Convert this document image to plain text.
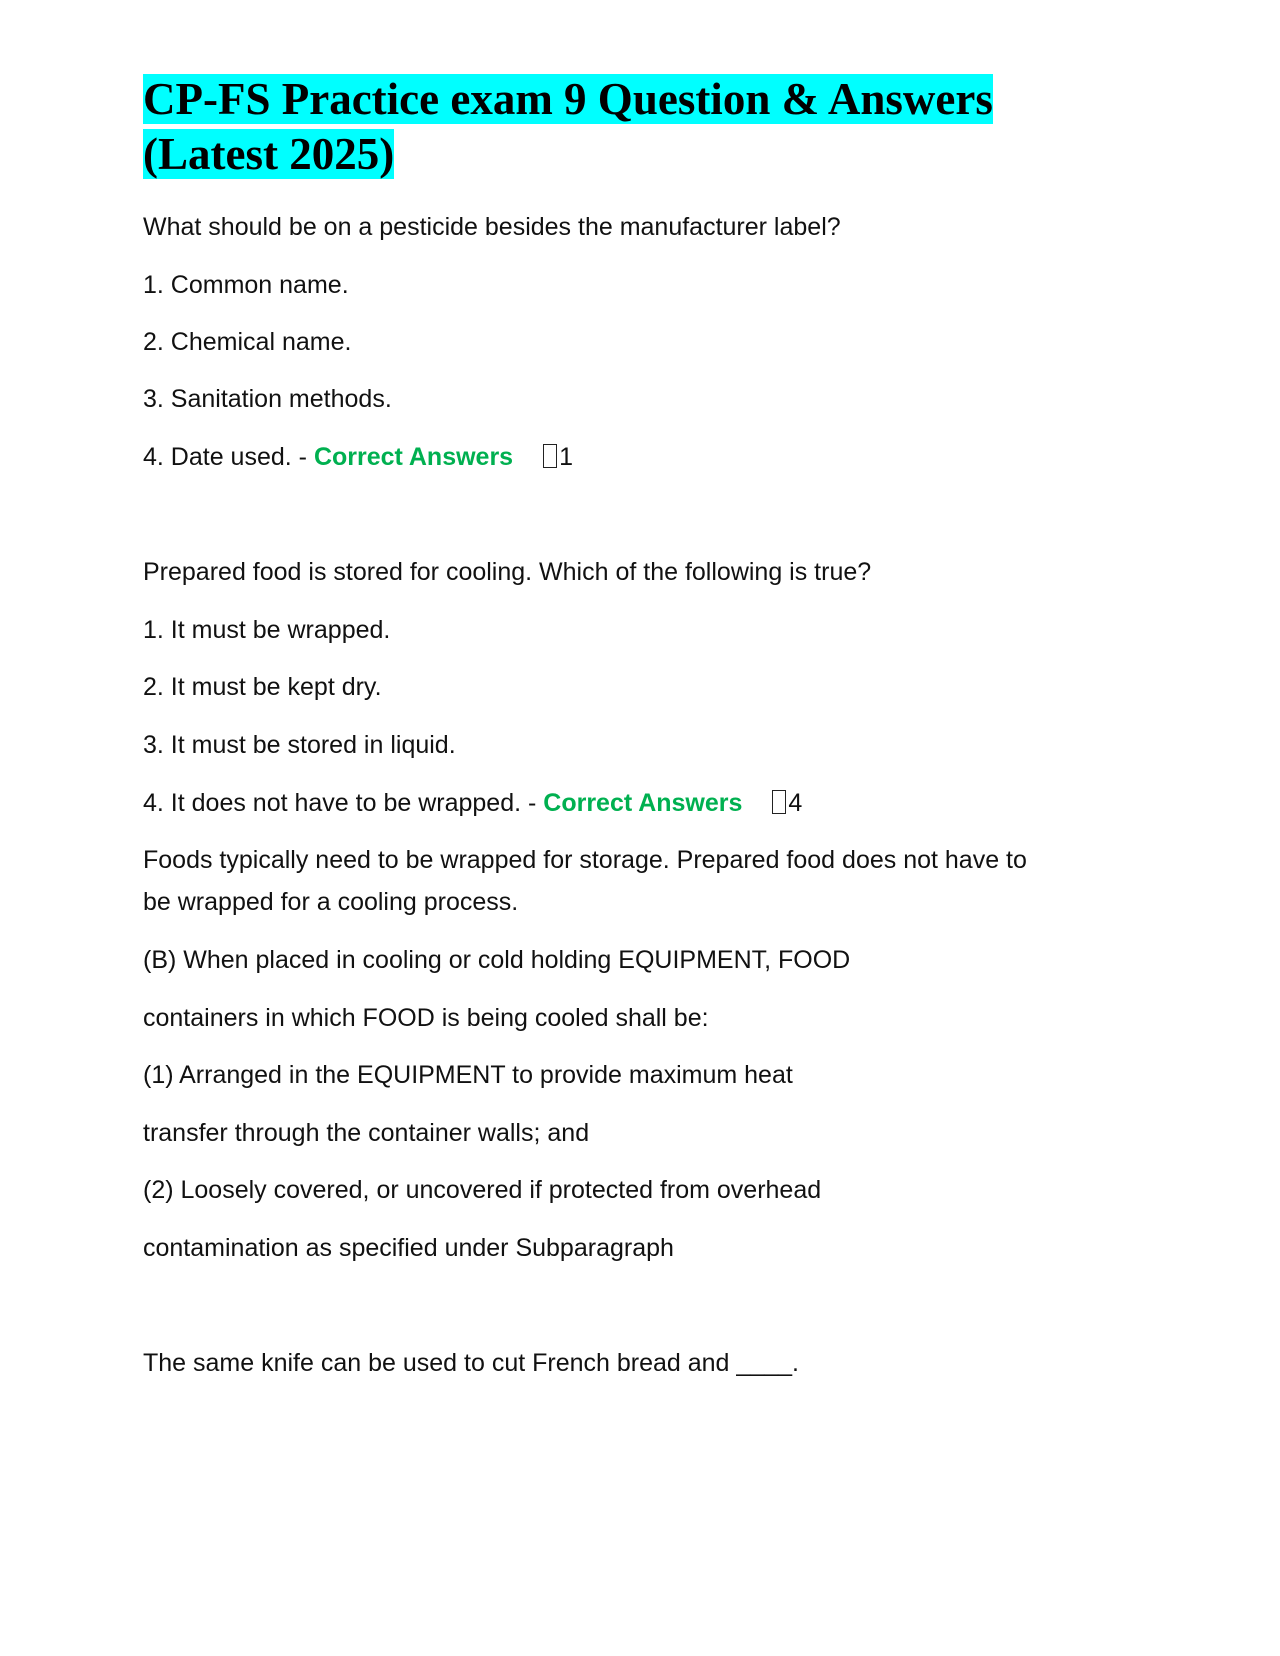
CP-FS Practice exam 9 Question & Answers (Latest 2025)

What should be on a pesticide besides the manufacturer label?

1. Common name.

2. Chemical name.

3. Sanitation methods.

4. Date used. - Correct Answers 1

Prepared food is stored for cooling. Which of the following is true?

1. It must be wrapped.

2. It must be kept dry.

3. It must be stored in liquid.

4. It does not have to be wrapped. - Correct Answers 4

Foods typically need to be wrapped for storage. Prepared food does not have to be wrapped for a cooling process.

(B) When placed in cooling or cold holding EQUIPMENT, FOOD

containers in which FOOD is being cooled shall be:

(1) Arranged in the EQUIPMENT to provide maximum heat

transfer through the container walls; and

(2) Loosely covered, or uncovered if protected from overhead

contamination as specified under Subparagraph

The same knife can be used to cut French bread and ____.
